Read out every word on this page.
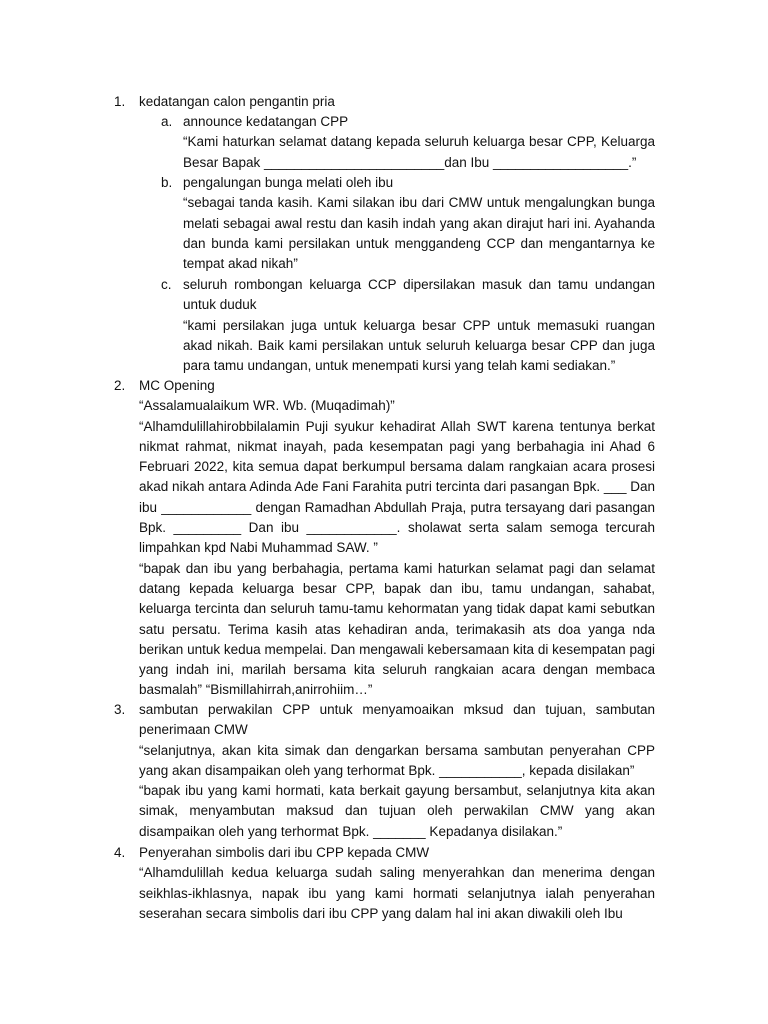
1. kedatangan calon pengantin pria
a. announce kedatangan CPP

“Kami haturkan selamat datang kepada seluruh keluarga besar CPP, Keluarga Besar Bapak ________________________dan Ibu __________________.”

b. pengalungan bunga melati oleh ibu

“sebagai tanda kasih. Kami silakan ibu dari CMW untuk mengalungkan bunga melati sebagai awal restu dan kasih indah yang akan dirajut hari ini. Ayahanda dan bunda kami persilakan untuk menggandeng CCP dan mengantarnya ke tempat akad nikah”

c. seluruh rombongan keluarga CCP dipersilakan masuk dan tamu undangan untuk duduk

“kami persilakan juga untuk keluarga besar CPP untuk memasuki ruangan akad nikah. Baik kami persilakan untuk seluruh keluarga besar CPP dan juga para tamu undangan, untuk menempati kursi yang telah kami sediakan.”

2. MC Opening

“Assalamualaikum WR. Wb. (Muqadimah)”

“Alhamdulillahirobbilalamin Puji syukur kehadirat Allah SWT karena tentunya berkat nikmat rahmat, nikmat inayah, pada kesempatan pagi yang berbahagia ini Ahad 6 Februari 2022, kita semua dapat berkumpul bersama dalam rangkaian acara prosesi akad nikah antara Adinda Ade Fani Farahita putri tercinta dari pasangan Bpk. ___ Dan ibu ____________ dengan Ramadhan Abdullah Praja, putra tersayang dari pasangan Bpk. _________ Dan ibu ____________. sholawat serta salam semoga tercurah limpahkan kpd Nabi Muhammad SAW. ”

“bapak dan ibu yang berbahagia, pertama kami haturkan selamat pagi dan selamat datang kepada keluarga besar CPP, bapak dan ibu, tamu undangan, sahabat, keluarga tercinta dan seluruh tamu-tamu kehormatan yang tidak dapat kami sebutkan satu persatu. Terima kasih atas kehadiran anda, terimakasih ats doa yanga nda berikan untuk kedua mempelai. Dan mengawali kebersamaan kita di kesempatan pagi yang indah ini, marilah bersama kita seluruh rangkaian acara dengan membaca basmalah” “Bismillahirrah,anirrohiim…”

3. sambutan perwakilan CPP untuk menyamoaikan mksud dan tujuan, sambutan penerimaan CMW

“selanjutnya, akan kita simak dan dengarkan bersama sambutan penyerahan CPP yang akan disampaikan oleh yang terhormat Bpk. ___________, kepada disilakan”

“bapak ibu yang kami hormati, kata berkait gayung bersambut, selanjutnya kita akan simak, menyambutan maksud dan tujuan oleh perwakilan CMW yang akan disampaikan oleh yang terhormat Bpk. _______ Kepadanya disilakan.”

4. Penyerahan simbolis dari ibu CPP kepada CMW

“Alhamdulillah kedua keluarga sudah saling menyerahkan dan menerima dengan seikhlas-ikhlasnya, napak ibu yang kami hormati selanjutnya ialah penyerahan seserahan secara simbolis dari ibu CPP yang dalam hal ini akan diwakili oleh Ibu
